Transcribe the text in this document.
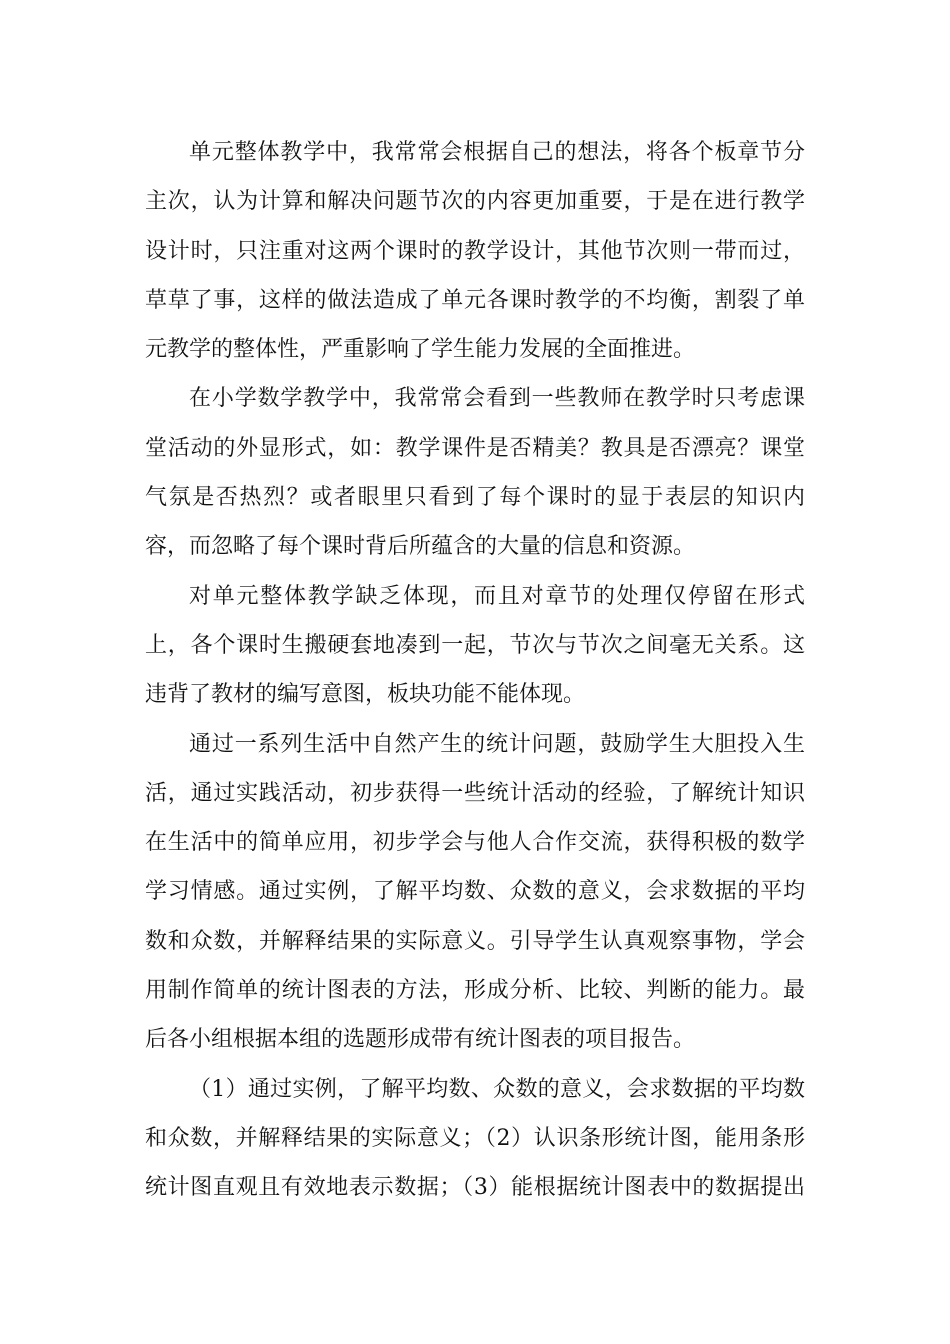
单元整体教学中，我常常会根据自己的想法，将各个板章节分
主次，认为计算和解决问题节次的内容更加重要，于是在进行教学
设计时，只注重对这两个课时的教学设计，其他节次则一带而过，
草草了事，这样的做法造成了单元各课时教学的不均衡，割裂了单
元教学的整体性，严重影响了学生能力发展的全面推进。
在小学数学教学中，我常常会看到一些教师在教学时只考虑课
堂活动的外显形式，如：教学课件是否精美？教具是否漂亮？课堂
气氛是否热烈？或者眼里只看到了每个课时的显于表层的知识内
容，而忽略了每个课时背后所蕴含的大量的信息和资源。
对单元整体教学缺乏体现，而且对章节的处理仅停留在形式
上，各个课时生搬硬套地凑到一起，节次与节次之间毫无关系。这
违背了教材的编写意图，板块功能不能体现。
通过一系列生活中自然产生的统计问题，鼓励学生大胆投入生
活，通过实践活动，初步获得一些统计活动的经验，了解统计知识
在生活中的简单应用，初步学会与他人合作交流，获得积极的数学
学习情感。通过实例，了解平均数、众数的意义，会求数据的平均
数和众数，并解释结果的实际意义。引导学生认真观察事物，学会
用制作简单的统计图表的方法，形成分析、比较、判断的能力。最
后各小组根据本组的选题形成带有统计图表的项目报告。
（1）通过实例，了解平均数、众数的意义，会求数据的平均数
和众数，并解释结果的实际意义；（2）认识条形统计图，能用条形
统计图直观且有效地表示数据；（3）能根据统计图表中的数据提出
